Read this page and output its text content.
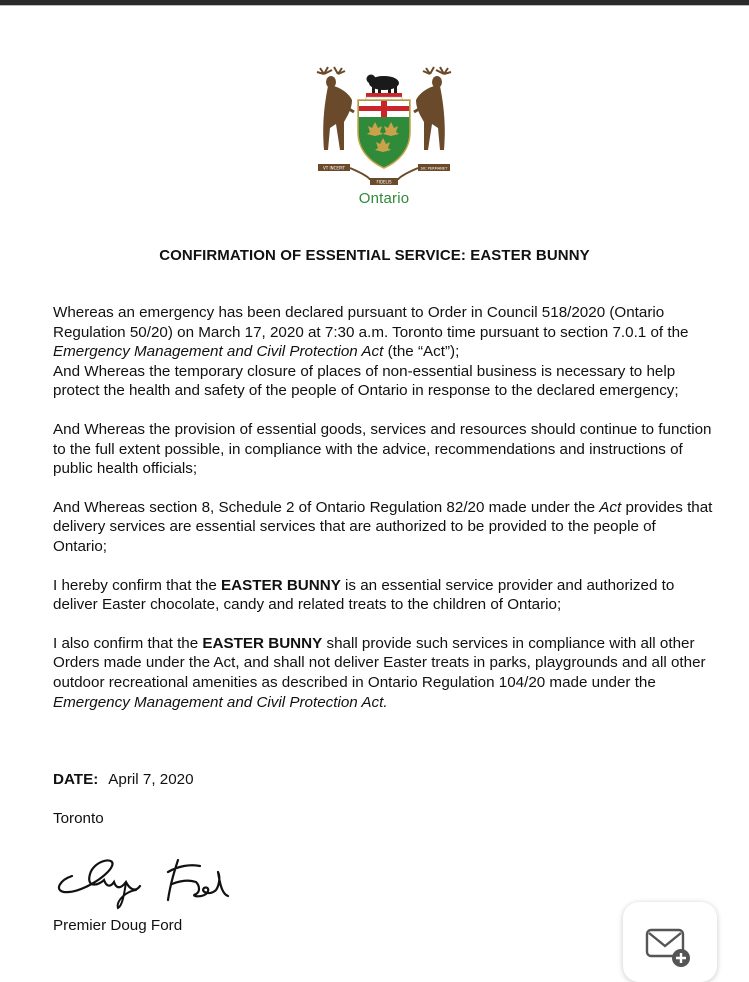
VT INCEPIT	SIC PERMANET
FIDELIS
Ontario
CONFIRMATION OF ESSENTIAL SERVICE: EASTER BUNNY

Whereas an emergency has been declared pursuant to Order in Council 518/2020 (Ontario Regulation 50/20) on March 17, 2020 at 7:30 a.m. Toronto time pursuant to section 7.0.1 of the Emergency Management and Civil Protection Act (the “Act”);

And Whereas the temporary closure of places of non-essential business is necessary to help protect the health and safety of the people of Ontario in response to the declared emergency;

And Whereas the provision of essential goods, services and resources should continue to function to the full extent possible, in compliance with the advice, recommendations and instructions of public health officials;

And Whereas section 8, Schedule 2 of Ontario Regulation 82/20 made under the Act provides that delivery services are essential services that are authorized to be provided to the people of Ontario;

I hereby confirm that the EASTER BUNNY is an essential service provider and authorized to deliver Easter chocolate, candy and related treats to the children of Ontario;

I also confirm that the EASTER BUNNY shall provide such services in compliance with all other Orders made under the Act, and shall not deliver Easter treats in parks, playgrounds and all other outdoor recreational amenities as described in Ontario Regulation 104/20 made under the Emergency Management and Civil Protection Act.

DATE: April 7, 2020
Toronto
Premier Doug Ford
